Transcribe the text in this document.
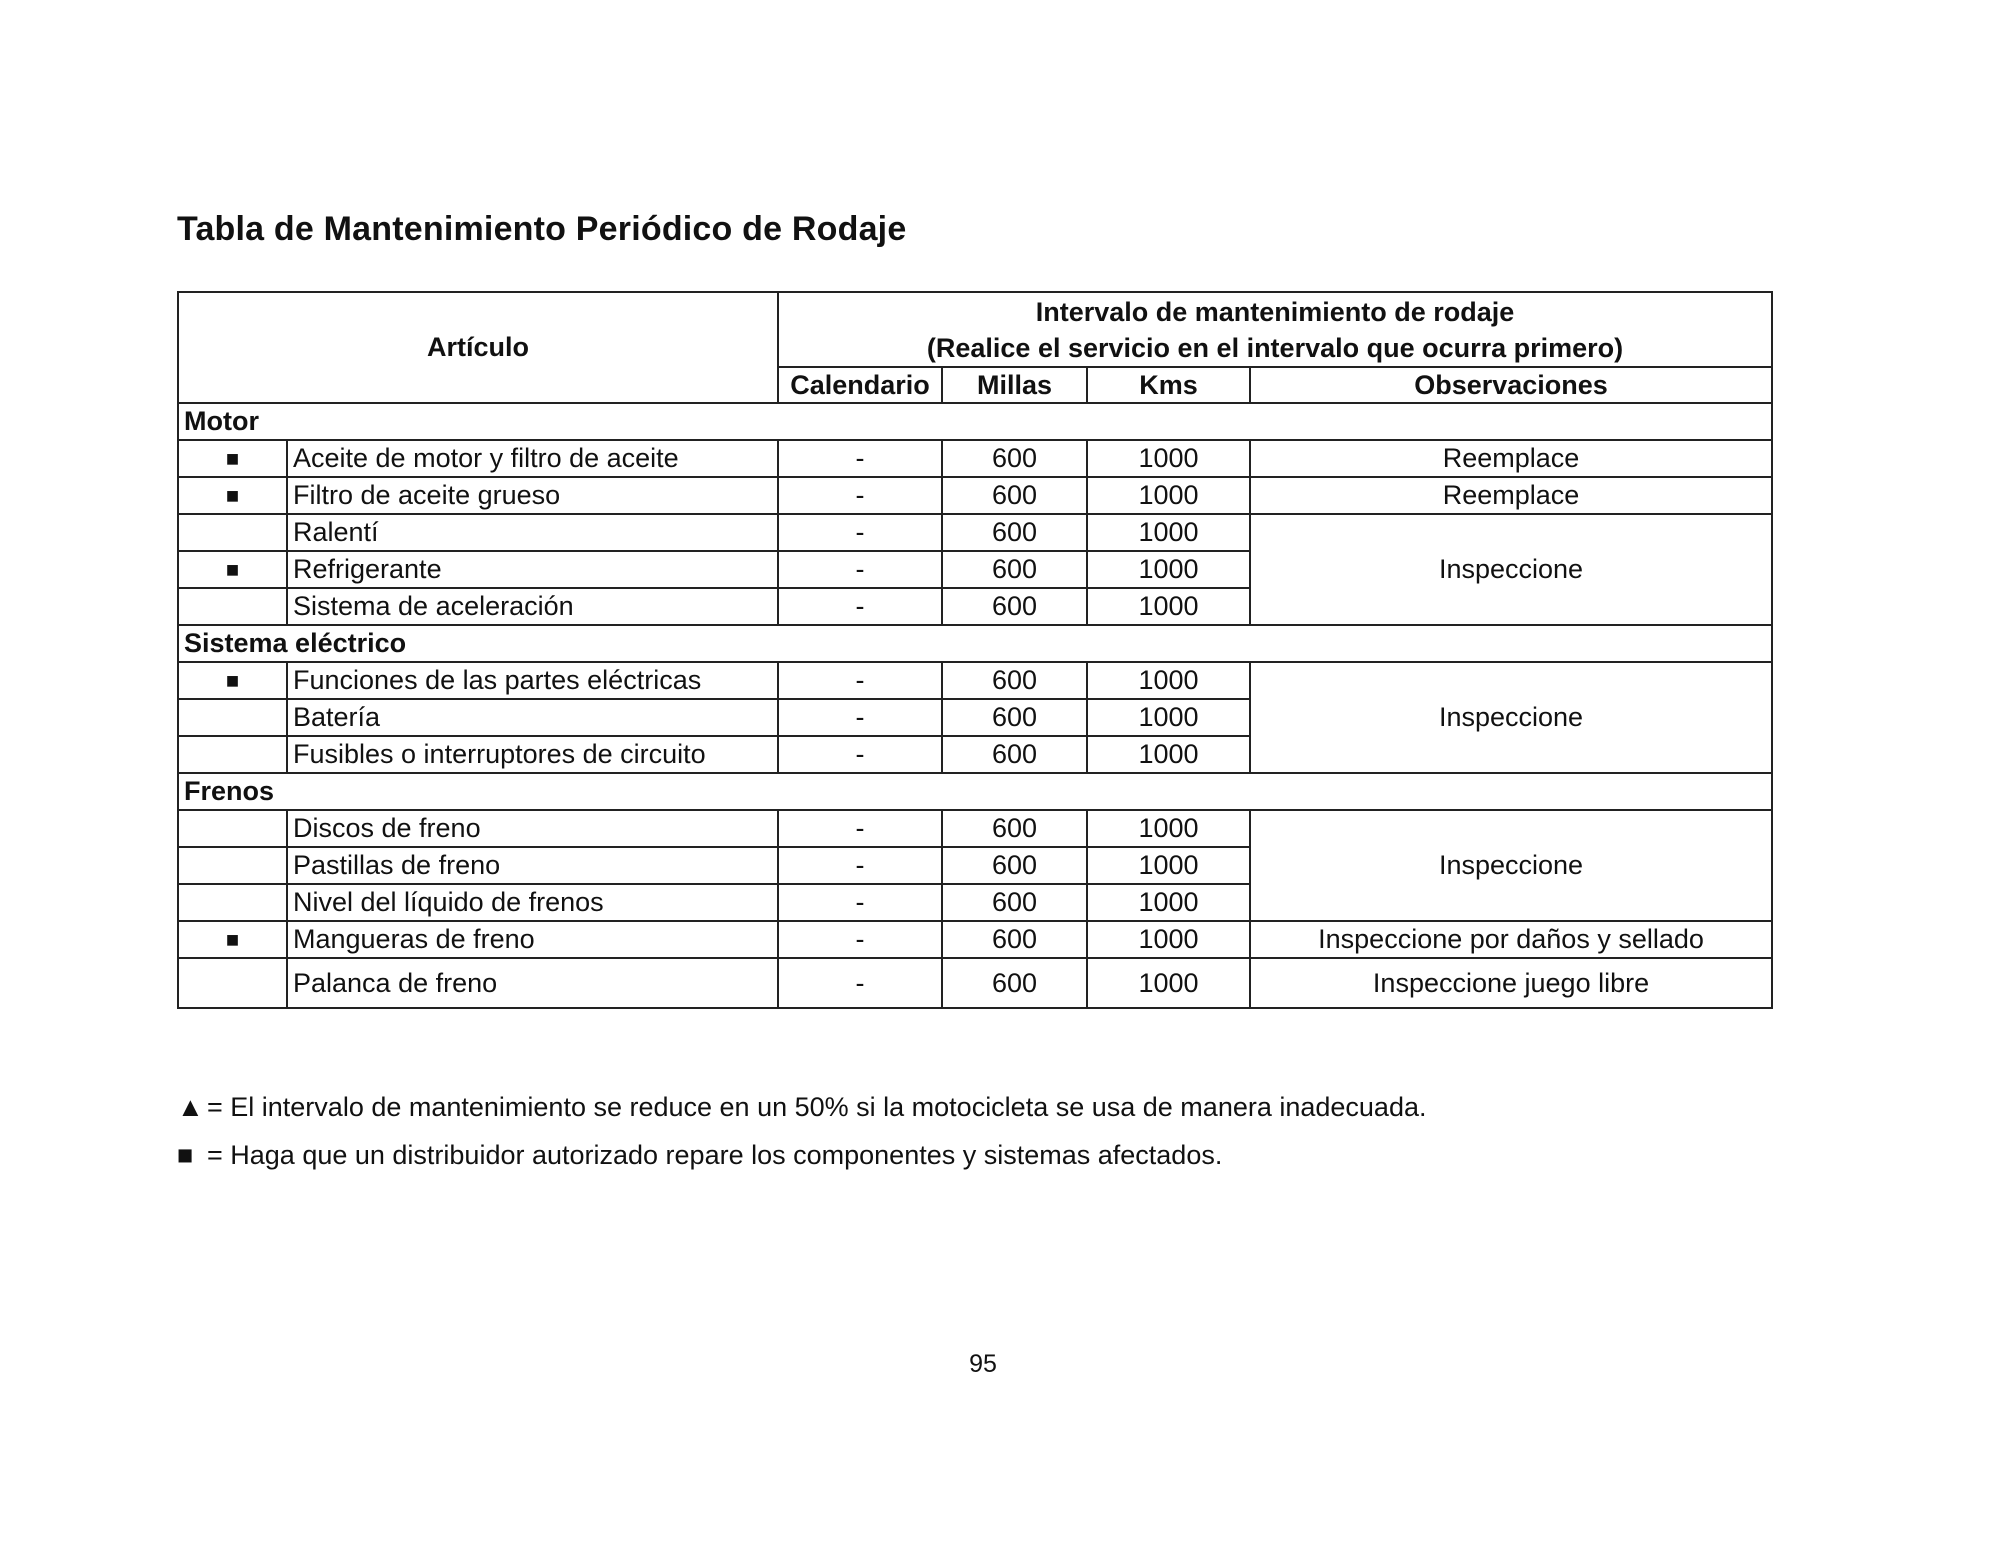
Tabla de Mantenimiento Periódico de Rodaje
Artículo		Intervalo de mantenimiento de rodaje
(Realice el servicio en el intervalo que ocurra primero)			
		Calendario	Millas	Kms	Observaciones
Motor					
■	Aceite de motor y filtro de aceite	-	600	1000	Reemplace
■	Filtro de aceite grueso	-	600	1000	Reemplace
	Ralentí	-	600	1000	Inspeccione
■	Refrigerante	-	600	1000	
	Sistema de aceleración	-	600	1000	
Sistema eléctrico					
■	Funciones de las partes eléctricas	-	600	1000	Inspeccione
	Batería	-	600	1000	
	Fusibles o interruptores de circuito	-	600	1000	
Frenos					
	Discos de freno	-	600	1000	Inspeccione
	Pastillas de freno	-	600	1000	
	Nivel del líquido de frenos	-	600	1000	
■	Mangueras de freno	-	600	1000	Inspeccione por daños y sellado
	Palanca de freno	-	600	1000	Inspeccione juego libre
▲ = El intervalo de mantenimiento se reduce en un 50% si la motocicleta se usa de manera inadecuada.
■ = Haga que un distribuidor autorizado repare los componentes y sistemas afectados.
95
